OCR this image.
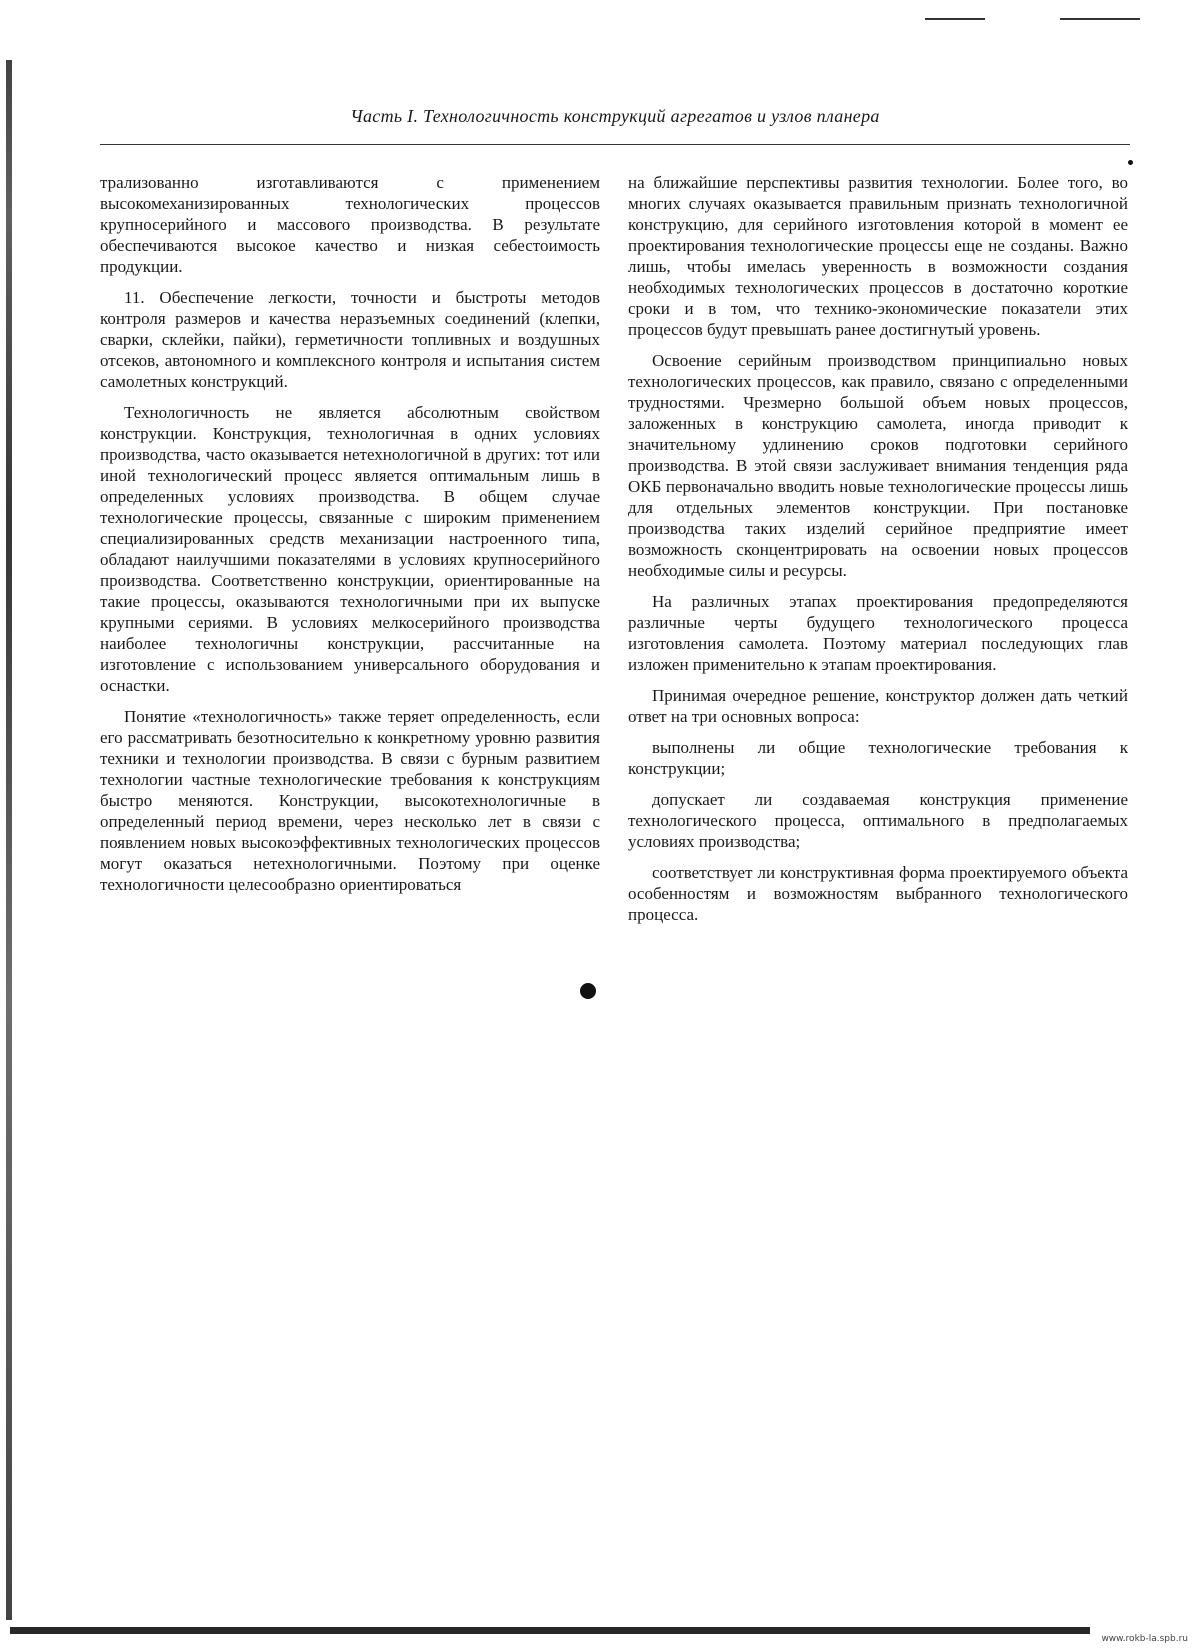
Часть I. Технологичность конструкций агрегатов и узлов планера

трализованно изготавливаются с применением высокомеханизированных технологических процессов крупносерийного и массового производства. В результате обеспечиваются высокое качество и низкая себестоимость продукции.

11. Обеспечение легкости, точности и быстроты методов контроля размеров и качества неразъемных соединений (клепки, сварки, склейки, пайки), герметичности топливных и воздушных отсеков, автономного и комплексного контроля и испытания систем самолетных конструкций.

Технологичность не является абсолютным свойством конструкции. Конструкция, технологичная в одних условиях производства, часто оказывается нетехнологичной в других: тот или иной технологический процесс является оптимальным лишь в определенных условиях производства. В общем случае технологические процессы, связанные с широким применением специализированных средств механизации настроенного типа, обладают наилучшими показателями в условиях крупносерийного производства. Соответственно конструкции, ориентированные на такие процессы, оказываются технологичными при их выпуске крупными сериями. В условиях мелкосерийного производства наиболее технологичны конструкции, рассчитанные на изготовление с использованием универсального оборудования и оснастки.

Понятие «технологичность» также теряет определенность, если его рассматривать безотносительно к конкретному уровню развития техники и технологии производства. В связи с бурным развитием технологии частные технологические требования к конструкциям быстро меняются. Конструкции, высокотехнологичные в определенный период времени, через несколько лет в связи с появлением новых высокоэффективных технологических процессов могут оказаться нетехнологичными. Поэтому при оценке технологичности целесообразно ориентироваться

на ближайшие перспективы развития технологии. Более того, во многих случаях оказывается правильным признать технологичной конструкцию, для серийного изготовления которой в момент ее проектирования технологические процессы еще не созданы. Важно лишь, чтобы имелась уверенность в возможности создания необходимых технологических процессов в достаточно короткие сроки и в том, что технико-экономические показатели этих процессов будут превышать ранее достигнутый уровень.

Освоение серийным производством принципиально новых технологических процессов, как правило, связано с определенными трудностями. Чрезмерно большой объем новых процессов, заложенных в конструкцию самолета, иногда приводит к значительному удлинению сроков подготовки серийного производства. В этой связи заслуживает внимания тенденция ряда ОКБ первоначально вводить новые технологические процессы лишь для отдельных элементов конструкции. При постановке производства таких изделий серийное предприятие имеет возможность сконцентрировать на освоении новых процессов необходимые силы и ресурсы.

На различных этапах проектирования предопределяются различные черты будущего технологического процесса изготовления самолета. Поэтому материал последующих глав изложен применительно к этапам проектирования.

Принимая очередное решение, конструктор должен дать четкий ответ на три основных вопроса:

выполнены ли общие технологические требования к конструкции;

допускает ли создаваемая конструкция применение технологического процесса, оптимального в предполагаемых условиях производства;

соответствует ли конструктивная форма проектируемого объекта особенностям и возможностям выбранного технологического процесса.

www.rokb-la.spb.ru
